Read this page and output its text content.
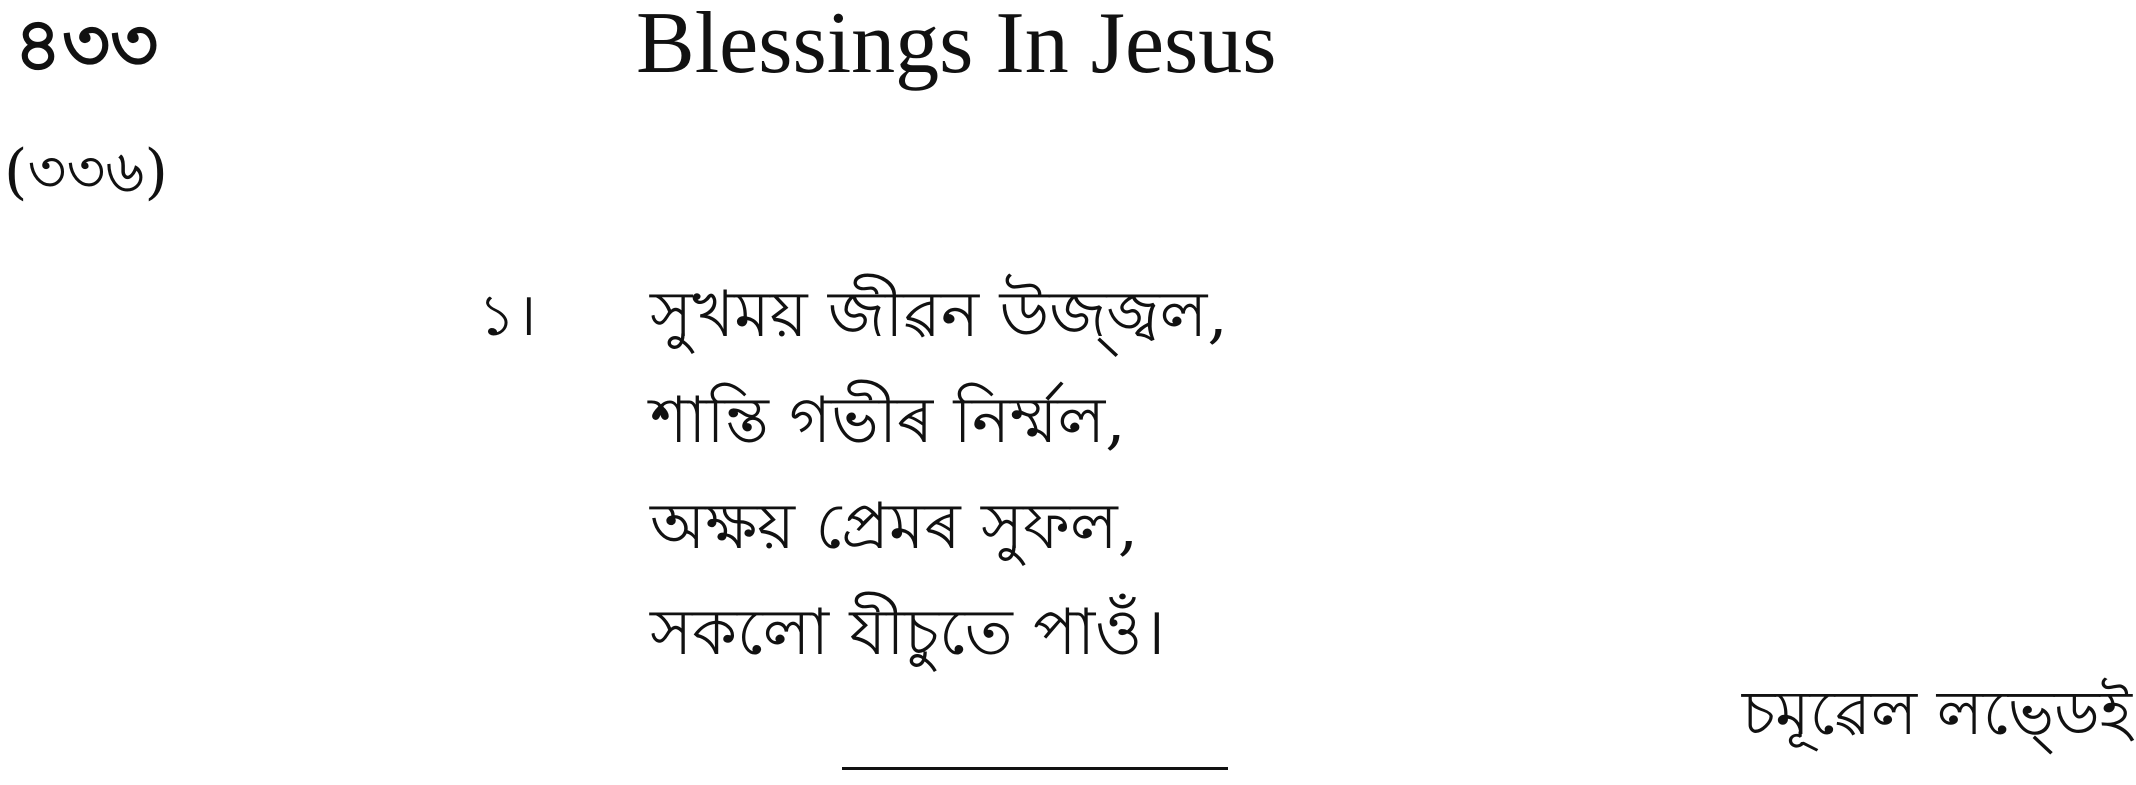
৪৩৩	Blessings In Jesus
(৩৩৬)
১। সুখময় জীৱন উজ্জ্বল,
শান্তি গভীৰ নিৰ্ম্মল,
অক্ষয় প্ৰেমৰ সুফল,
সকলো যীচুতে পাওঁ।
চমূৱেল লভ্ডেই
